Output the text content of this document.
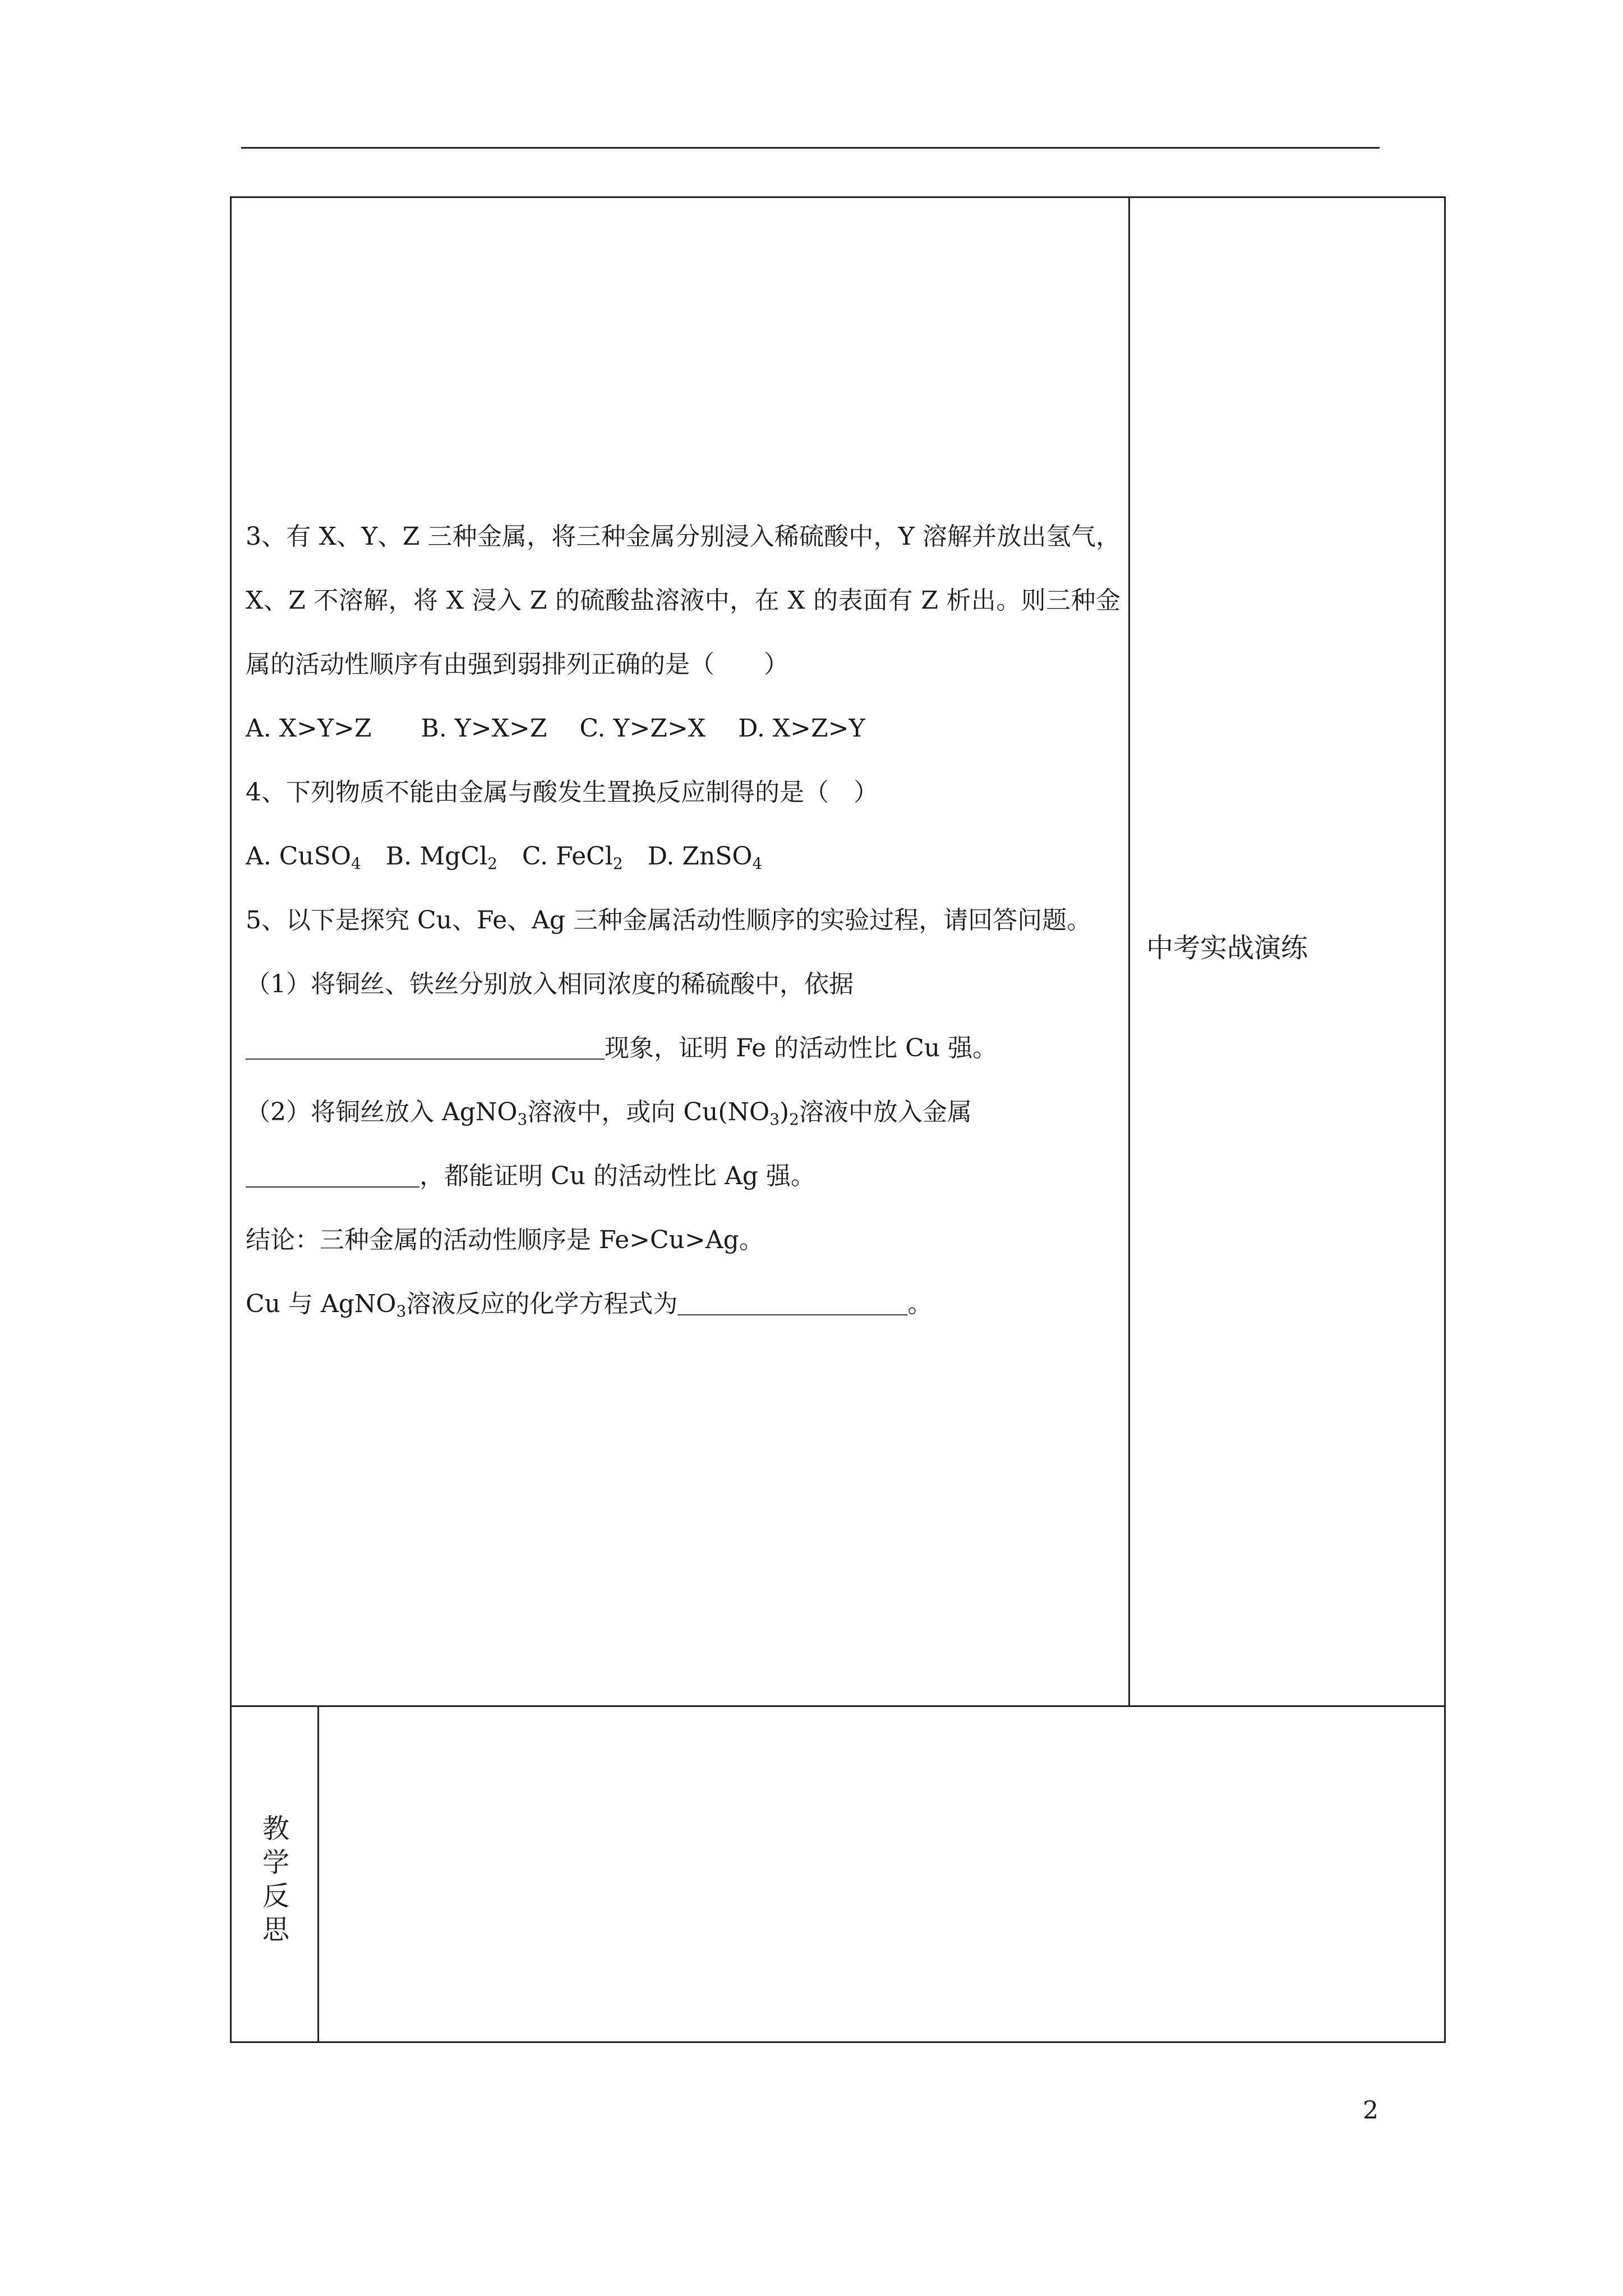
3、有 X、Y、Z 三种金属，将三种金属分别浸入稀硫酸中，Y 溶解并放出氢气，X、Z 不溶解，将 X 浸入 Z 的硫酸盐溶液中，在 X 的表面有 Z 析出。则三种金属的活动性顺序有由强到弱排列正确的是（　　）

A. X>Y>Z　　B. Y>X>Z　 C. Y>Z>X　 D. X>Z>Y

4、下列物质不能由金属与酸发生置换反应制得的是（　）

A. CuSO$_4$　B. MgCl$_2$　C. FeCl$_2$　D. ZnSO$_4$

5、以下是探究 Cu、Fe、Ag 三种金属活动性顺序的实验过程，请回答问题。

（1）将铜丝、铁丝分别放入相同浓度的稀硫酸中，依据

现象，证明 Fe 的活动性比 Cu 强。

（2）将铜丝放入 AgNO$_3$溶液中，或向 $Cu(NO_3)_2$溶液中放入金属

，都能证明 Cu 的活动性比 Ag 强。

结论：三种金属的活动性顺序是 Fe>Cu>Ag。

Cu 与 AgNO$_3$溶液反应的化学方程式为	。

中考实战演练
教
学
反
思
2
